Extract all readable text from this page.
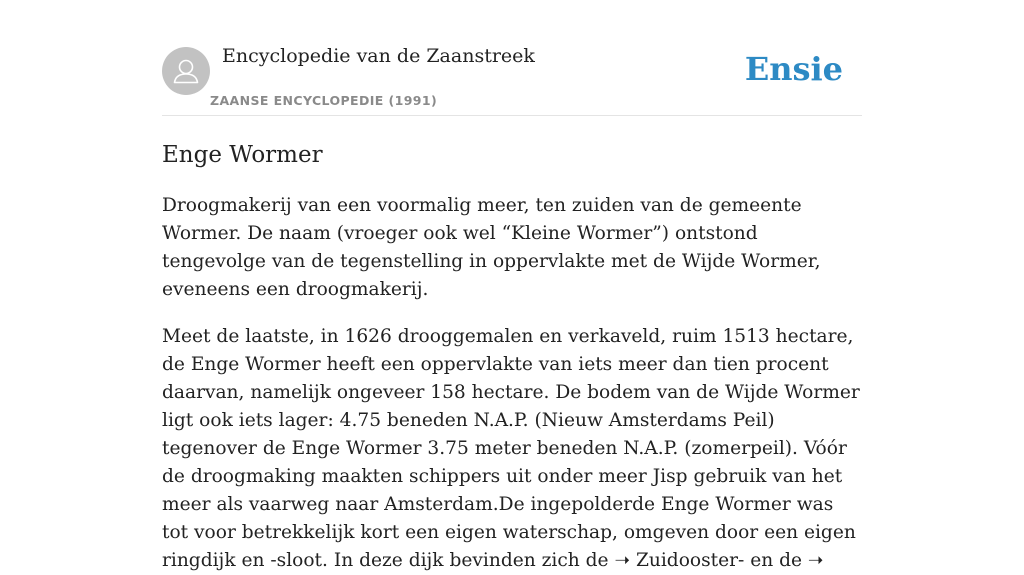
Encyclopedie van de Zaanstreek
ZAANSE ENCYCLOPEDIE (1991)
Ensie
Enge Wormer

Droogmakerij van een voormalig meer, ten zuiden van de gemeente Wormer. De naam (vroeger ook wel “Kleine Wormer”) ontstond tengevolge van de tegenstelling in oppervlakte met de Wijde Wormer, eveneens een droogmakerij.

Meet de laatste, in 1626 drooggemalen en verkaveld, ruim 1513 hectare, de Enge Wormer heeft een oppervlakte van iets meer dan tien procent daarvan, namelijk ongeveer 158 hectare. De bodem van de Wijde Wormer ligt ook iets lager: 4.75 beneden N.A.P. (Nieuw Amsterdams Peil) tegenover de Enge Wormer 3.75 meter beneden N.A.P. (zomerpeil). Vóór de droogmaking maakten schippers uit onder meer Jisp gebruik van het meer als vaarweg naar Amsterdam.De ingepolderde Enge Wormer was tot voor betrekkelijk kort een eigen waterschap, omgeven door een eigen ringdijk en -sloot. In deze dijk bevinden zich de ➝ Zuidooster- en de ➝
